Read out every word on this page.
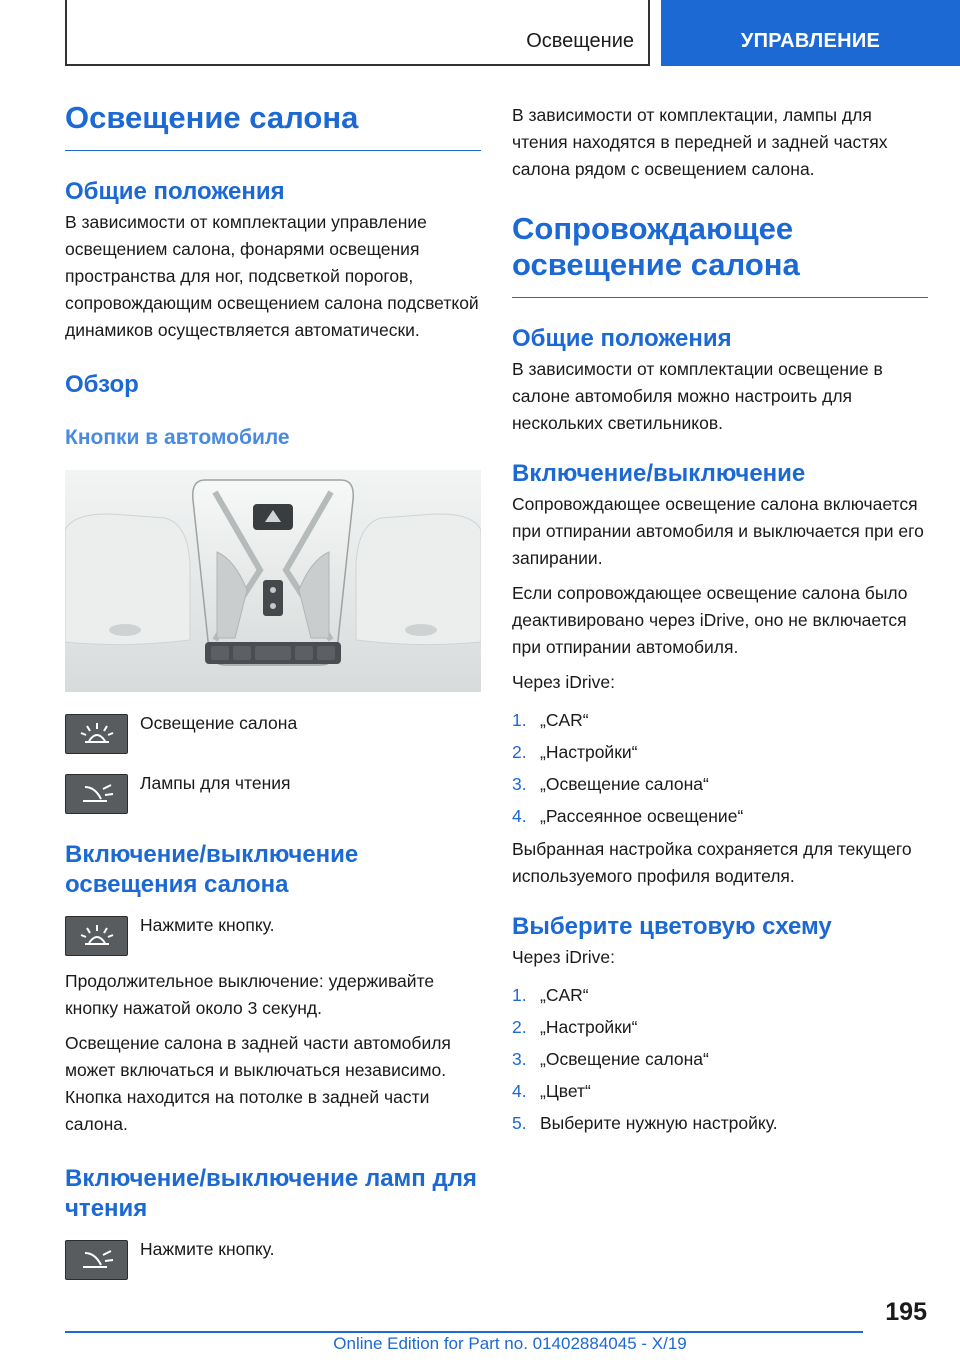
Освещение	УПРАВЛЕНИЕ
Освещение салона
Общие положения

В зависимости от комплектации управление освещением салона, фонарями освещения пространства для ног, подсветкой порогов, сопровождающим освещением салона подсветкой динамиков осуществляется автоматически.

Обзор
Кнопки в автомобиле
Освещение салона
Лампы для чтения
Включение/выключение освещения салона
Нажмите кнопку.

Продолжительное выключение: удерживайте кнопку нажатой около 3 секунд.

Освещение салона в задней части автомобиля может включаться и выключаться независимо. Кнопка находится на потолке в задней части салона.

Включение/выключение ламп для чтения
Нажмите кнопку.

В зависимости от комплектации, лампы для чтения находятся в передней и задней частях салона рядом с освещением салона.

Сопровождающее освещение салона
Общие положения

В зависимости от комплектации освещение в салоне автомобиля можно настроить для нескольких светильников.

Включение/выключение

Сопровождающее освещение салона включается при отпирании автомобиля и выключается при его запирании.

Если сопровождающее освещение салона было деактивировано через iDrive, оно не включается при отпирании автомобиля.

Через iDrive:

1. „CAR“
2. „Настройки“
3. „Освещение салона“
4. „Рассеянное освещение“

Выбранная настройка сохраняется для текущего используемого профиля водителя.

Выберите цветовую схему

Через iDrive:

1. „CAR“
2. „Настройки“
3. „Освещение салона“
4. „Цвет“
5. Выберите нужную настройку.
195
Online Edition for Part no. 01402884045 - X/19
